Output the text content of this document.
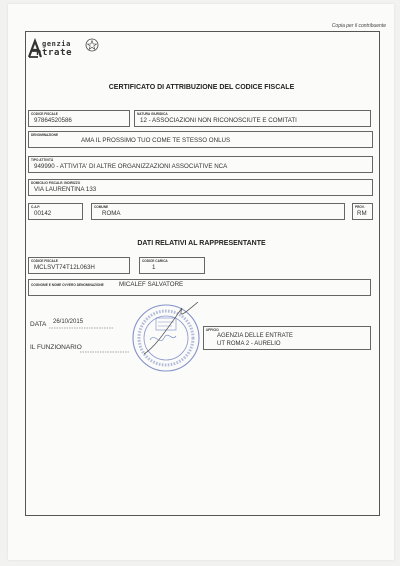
Copia per il contribuente
genzia
ntrate
CERTIFICATO DI ATTRIBUZIONE DEL CODICE FISCALE
CODICE FISCALE
97864520586
NATURA GIURIDICA
12 - ASSOCIAZIONI NON RICONOSCIUTE E COMITATI
DENOMINAZIONE
AMA IL PROSSIMO TUO COME TE STESSO ONLUS
TIPO ATTIVITÀ
949990 - ATTIVITA' DI ALTRE ORGANIZZAZIONI ASSOCIATIVE NCA
DOMICILIO FISCALE: INDIRIZZO
VIA LAURENTINA 133
C.A.P.
00142
COMUNE
ROMA
PROV.
RM
DATI RELATIVI AL RAPPRESENTANTE
CODICE FISCALE
MCLSVT74T12L063H
CODICE CARICA
1
COGNOME E NOME OVVERO DENOMINAZIONE MICALEF SALVATORE
DATA 26/10/2015
IL FUNZIONARIO
UFFICIO
AGENZIA DELLE ENTRATE
UT ROMA 2 - AURELIO
